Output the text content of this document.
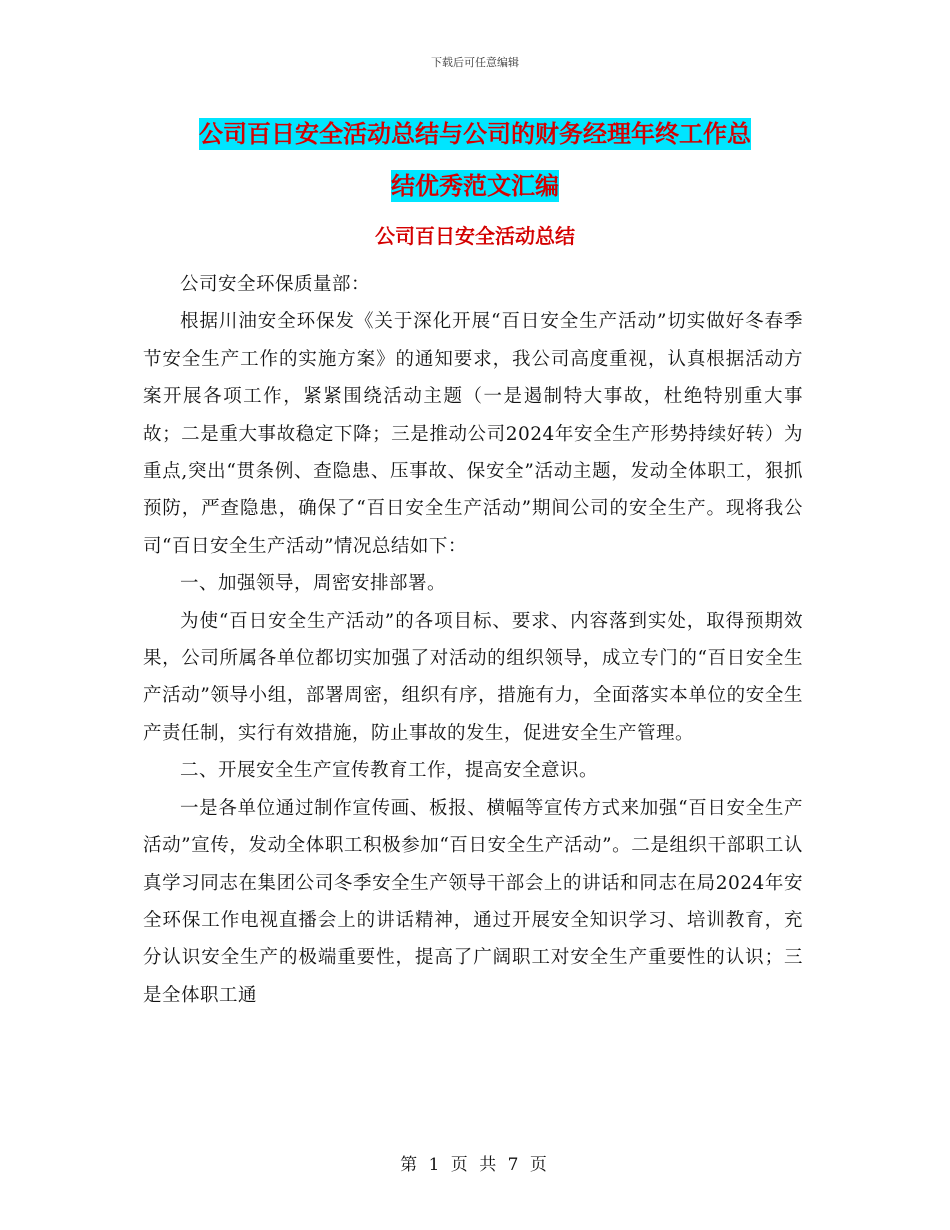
下载后可任意编辑
公司百日安全活动总结与公司的财务经理年终工作总
结优秀范文汇编
公司百日安全活动总结

公司安全环保质量部：

根据川油安全环保发《关于深化开展“百日安全生产活动”切实做好冬春季节安全生产工作的实施方案》的通知要求，我公司高度重视，认真根据活动方案开展各项工作，紧紧围绕活动主题（一是遏制特大事故，杜绝特别重大事故；二是重大事故稳定下降；三是推动公司2024年安全生产形势持续好转）为重点,突出“贯条例、查隐患、压事故、保安全”活动主题，发动全体职工，狠抓预防，严查隐患，确保了“百日安全生产活动”期间公司的安全生产。现将我公司“百日安全生产活动”情况总结如下：

一、加强领导，周密安排部署。

为使“百日安全生产活动”的各项目标、要求、内容落到实处，取得预期效果，公司所属各单位都切实加强了对活动的组织领导，成立专门的“百日安全生产活动”领导小组，部署周密，组织有序，措施有力，全面落实本单位的安全生产责任制，实行有效措施，防止事故的发生，促进安全生产管理。

二、开展安全生产宣传教育工作，提高安全意识。

一是各单位通过制作宣传画、板报、横幅等宣传方式来加强“百日安全生产活动”宣传，发动全体职工积极参加“百日安全生产活动”。二是组织干部职工认真学习同志在集团公司冬季安全生产领导干部会上的讲话和同志在局2024年安全环保工作电视直播会上的讲话精神，通过开展安全知识学习、培训教育，充分认识安全生产的极端重要性，提高了广阔职工对安全生产重要性的认识；三是全体职工通

第 1 页 共 7 页
